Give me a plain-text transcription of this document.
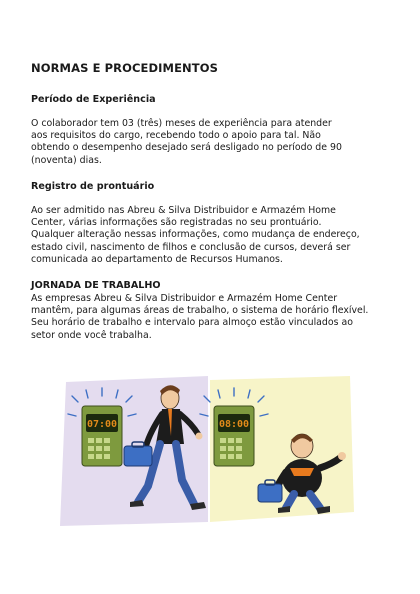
NORMAS E PROCEDIMENTOS
Período de Experiência

O colaborador tem 03 (três) meses de experiência para atender
aos requisitos do cargo, recebendo todo o apoio para tal. Não
obtendo o desempenho desejado será desligado no período de 90
(noventa) dias.

Registro de prontuário

Ao ser admitido nas Abreu & Silva Distribuidor e Armazém Home
Center, várias informações são registradas no seu prontuário.
Qualquer alteração nessas informações, como mudança de endereço,
estado civil, nascimento de filhos e conclusão de cursos, deverá ser
comunicada ao departamento de Recursos Humanos.

JORNADA DE TRABALHO

As empresas Abreu & Silva Distribuidor e Armazém Home Center
mantêm, para algumas áreas de trabalho, o sistema de horário flexível.
Seu horário de trabalho e intervalo para almoço estão vinculados ao
setor onde você trabalha.

07:00	08:00
